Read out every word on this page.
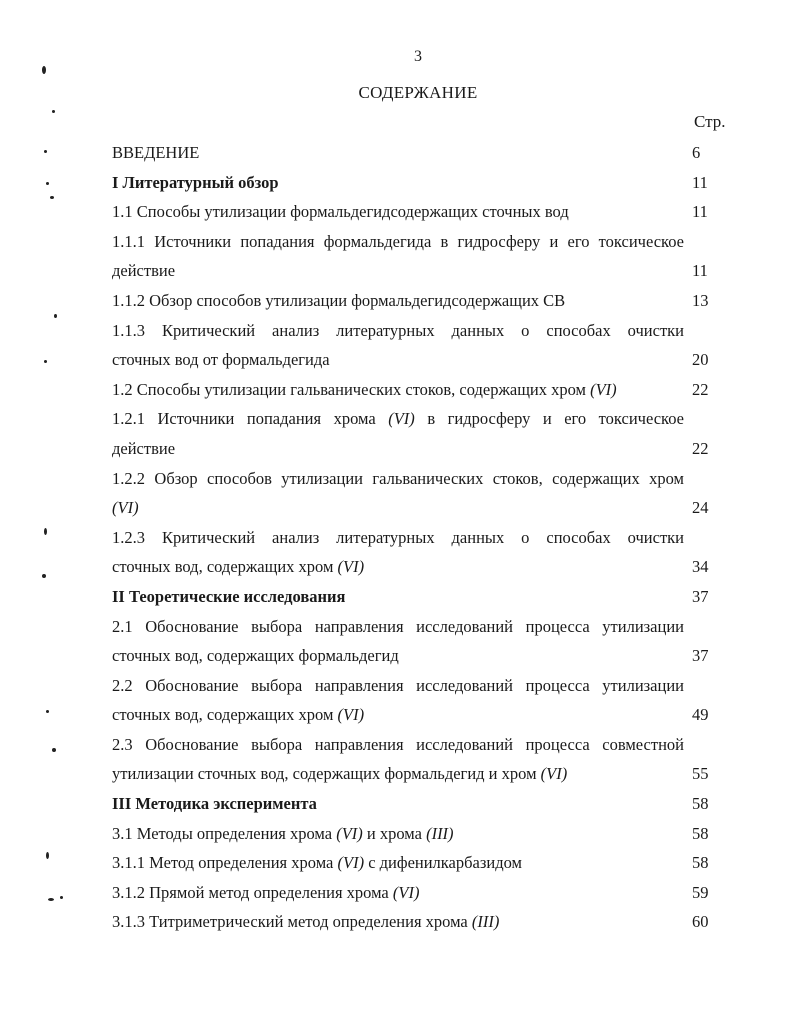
3
СОДЕРЖАНИЕ
Стр.
ВВЕДЕНИЕ	6
I Литературный обзор	11
1.1 Способы утилизации формальдегидсодержащих сточных вод	11
1.1.1 Источники попадания формальдегида в гидросферу и его токсическое
действие	11
1.1.2 Обзор способов утилизации формальдегидсодержащих СВ	13
1.1.3 Критический анализ литературных данных о способах очистки
сточных вод от формальдегида	20
1.2 Способы утилизации гальванических стоков, содержащих хром (VI)	22
1.2.1 Источники попадания хрома (VI) в гидросферу и его токсическое
действие	22
1.2.2 Обзор способов утилизации гальванических стоков, содержащих хром
(VI)	24
1.2.3 Критический анализ литературных данных о способах очистки
сточных вод, содержащих хром (VI)	34
II Теоретические исследования	37
2.1 Обоснование выбора направления исследований процесса утилизации
сточных вод, содержащих формальдегид	37
2.2 Обоснование выбора направления исследований процесса утилизации
сточных вод, содержащих хром (VI)	49
2.3 Обоснование выбора направления исследований процесса совместной
утилизации сточных вод, содержащих формальдегид и хром (VI)	55
III Методика эксперимента	58
3.1 Методы определения хрома (VI) и хрома (III)	58
3.1.1 Метод определения хрома (VI) с дифенилкарбазидом	58
3.1.2 Прямой метод определения хрома (VI)	59
3.1.3 Титриметрический метод определения хрома (III)	60
